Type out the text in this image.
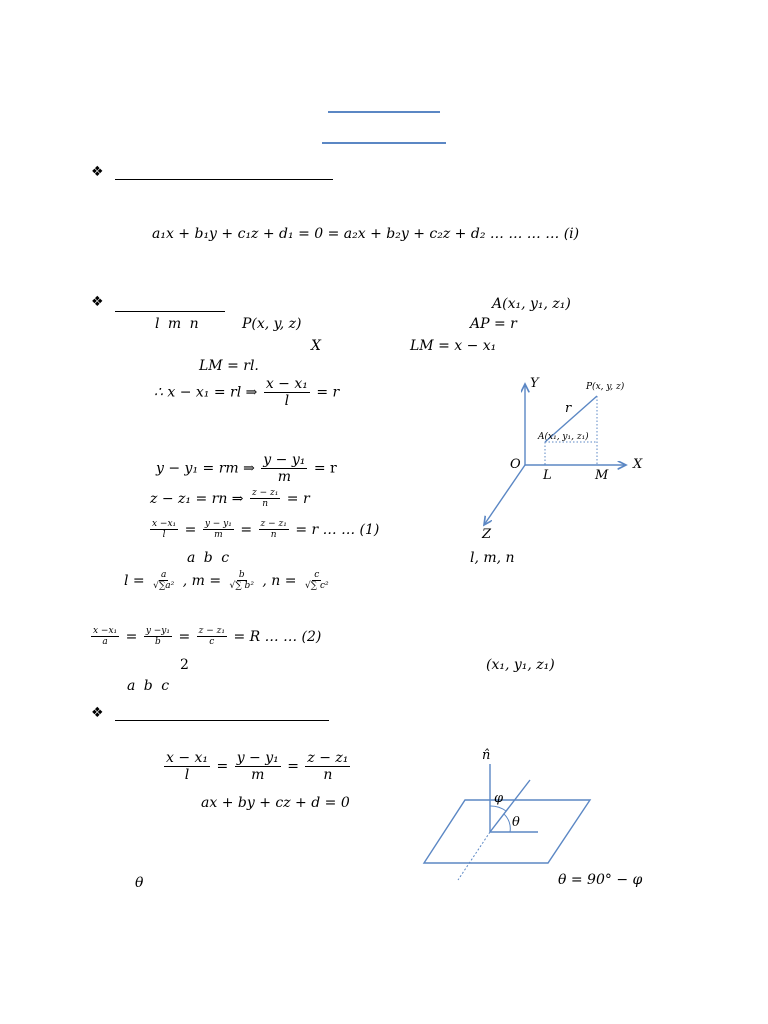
❖
a₁x + b₁y + c₁z + d₁ = 0 = a₂x + b₂y + c₂z + d₂ … … … … (i)
❖	A(x₁, y₁, z₁)
l m n	P(x, y, z)	AP = r
X	LM = x − x₁
LM = rl.
∴ x − x₁ = rl ⇒ $\frac{\text{x − x₁}}{l} = r$
y − y₁ = rm ⇒ $\frac{\text{y − y₁}}{m} = r$
z − z₁ = rn ⇒ $\frac{\text{z − z₁}}{n} = r$
$\frac{\text{x −x₁}}{l} = \frac{\text{y − y₁}}{m} = \frac{\text{z − z₁}}{n} = r$ … … (1)
a b c	l, m, n
$l = \frac{a}{\text{√∑a²}}$ , $m = \frac{b}{\text{√∑ b²}}$ , $n = \frac{c}{\text{√∑ c²}}$
$\frac{\text{x −x₁}}{a} = \frac{\text{y −y₁}}{b} = \frac{\text{z − z₁}}{c} = R$ … … (2)
2	(x₁, y₁, z₁)
a b c
Y
X
Z
O
L	M
r
P(x, y, z)
A(x₁, y₁, z₁)
❖
$\frac{\text{x − x₁}}{l} = \frac{\text{y − y₁}}{m} = \frac{\text{z − z₁}}{n}$
ax + by + cz + d = 0
θ	θ = 90° − φ
n̂
φ
θ
